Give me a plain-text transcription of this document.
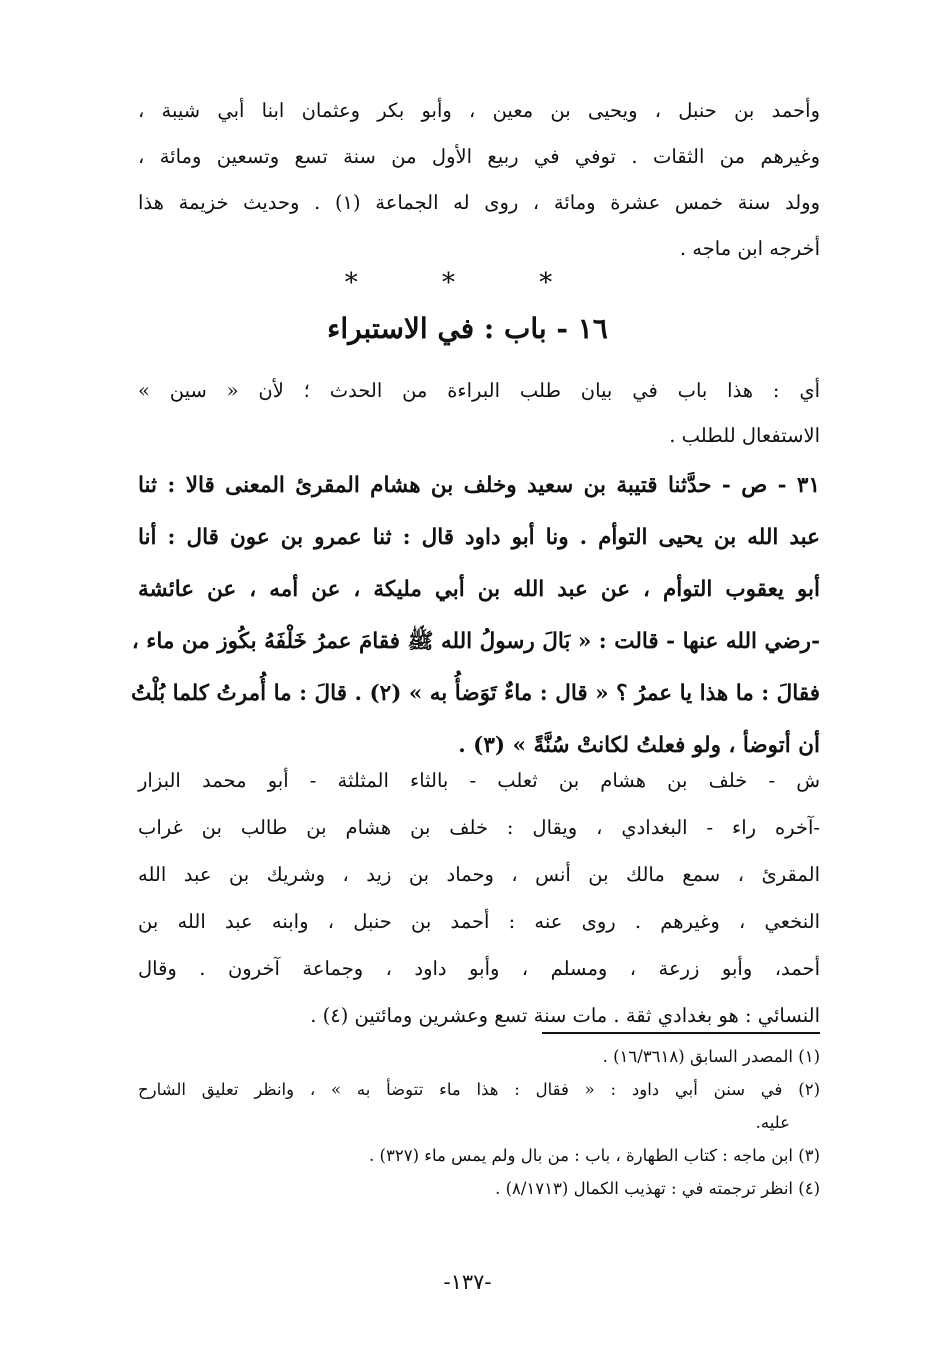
وأحمد بن حنبل ، ويحيى بن معين ، وأبو بكر وعثمان ابنا أبي شيبة ،
وغيرهم من الثقات . توفي في ربيع الأول من سنة تسع وتسعين ومائة ،
وولد سنة خمس عشرة ومائة ، روى له الجماعة (١) . وحديث خزيمة هذا
أخرجه ابن ماجه .
* * *
١٦ - باب : في الاستبراء
أي : هذا باب في بيان طلب البراءة من الحدث ؛ لأن « سين »
الاستفعال للطلب .
٣١ - ص - حدَّثنا قتيبة بن سعيد وخلف بن هشام المقرئ المعنى قالا : ثنا
عبد الله بن يحيى التوأم . ونا أبو داود قال : ثنا عمرو بن عون قال : أنا
أبو يعقوب التوأم ، عن عبد الله بن أبي مليكة ، عن أمه ، عن عائشة
-رضي الله عنها - قالت : « بَالَ رسولُ الله ﷺ فقامَ عمرُ خَلْفَهُ بكُوز من ماء ،
فقالَ : ما هذا يا عمرُ ؟ « قال : ماءٌ تَوَضأُ به » (٢) . قالَ : ما أُمرتُ كلما بُلْتُ
أن أتوضأ ، ولو فعلتُ لكانتْ سُنَّةً » (٣) .
ش - خلف بن هشام بن ثعلب - بالثاء المثلثة - أبو محمد البزار
-آخره راء - البغدادي ، ويقال : خلف بن هشام بن طالب بن غراب
المقرئ ، سمع مالك بن أنس ، وحماد بن زيد ، وشريك بن عبد الله
النخعي ، وغيرهم . روى عنه : أحمد بن حنبل ، وابنه عبد الله بن
أحمد، وأبو زرعة ، ومسلم ، وأبو داود ، وجماعة آخرون . وقال
النسائي : هو بغدادي ثقة . مات سنة تسع وعشرين ومائتين (٤) .
(١) المصدر السابق (١٦/٣٦١٨) .
(٢) في سنن أبي داود : « فقال : هذا ماء تتوضأ به » ، وانظر تعليق الشارح
عليه.
(٣) ابن ماجه : كتاب الطهارة ، باب : من بال ولم يمس ماء (٣٢٧) .
(٤) انظر ترجمته في : تهذيب الكمال (٨/١٧١٣) .
-١٣٧-
